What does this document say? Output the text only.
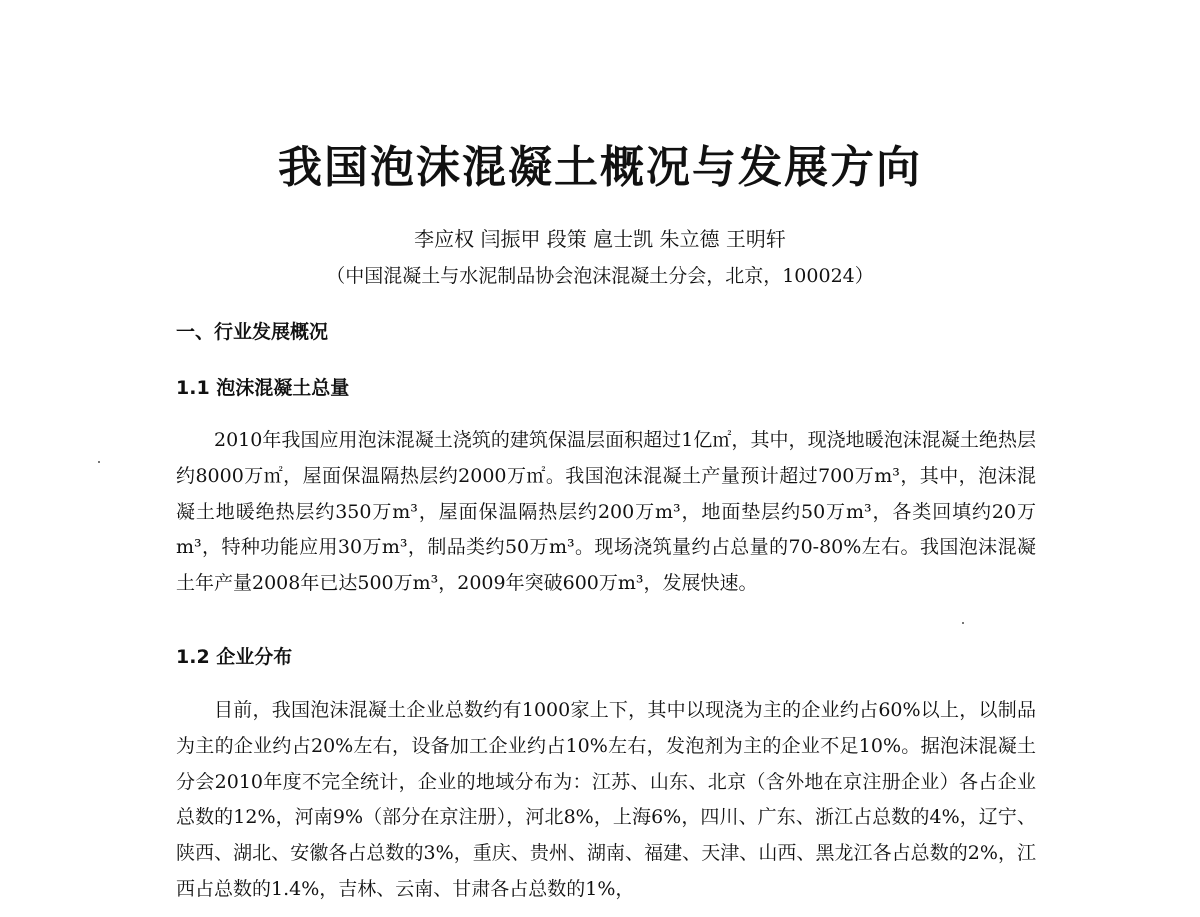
我国泡沫混凝土概况与发展方向
李应权 闫振甲 段策 扈士凯 朱立德 王明轩
（中国混凝土与水泥制品协会泡沫混凝土分会，北京，100024）
一、行业发展概况
1.1 泡沫混凝土总量

2010年我国应用泡沫混凝土浇筑的建筑保温层面积超过1亿㎡，其中，现浇地暖泡沫混凝土绝热层约8000万㎡，屋面保温隔热层约2000万㎡。我国泡沫混凝土产量预计超过700万m³，其中，泡沫混凝土地暖绝热层约350万m³，屋面保温隔热层约200万m³，地面垫层约50万m³，各类回填约20万m³，特种功能应用30万m³，制品类约50万m³。现场浇筑量约占总量的70-80%左右。我国泡沫混凝土年产量2008年已达500万m³，2009年突破600万m³，发展快速。

1.2 企业分布

目前，我国泡沫混凝土企业总数约有1000家上下，其中以现浇为主的企业约占60%以上，以制品为主的企业约占20%左右，设备加工企业约占10%左右，发泡剂为主的企业不足10%。据泡沫混凝土分会2010年度不完全统计，企业的地域分布为：江苏、山东、北京（含外地在京注册企业）各占企业总数的12%，河南9%（部分在京注册），河北8%，上海6%，四川、广东、浙江占总数的4%，辽宁、陕西、湖北、安徽各占总数的3%，重庆、贵州、湖南、福建、天津、山西、黑龙江各占总数的2%，江西占总数的1.4%，吉林、云南、甘肃各占总数的1%，
